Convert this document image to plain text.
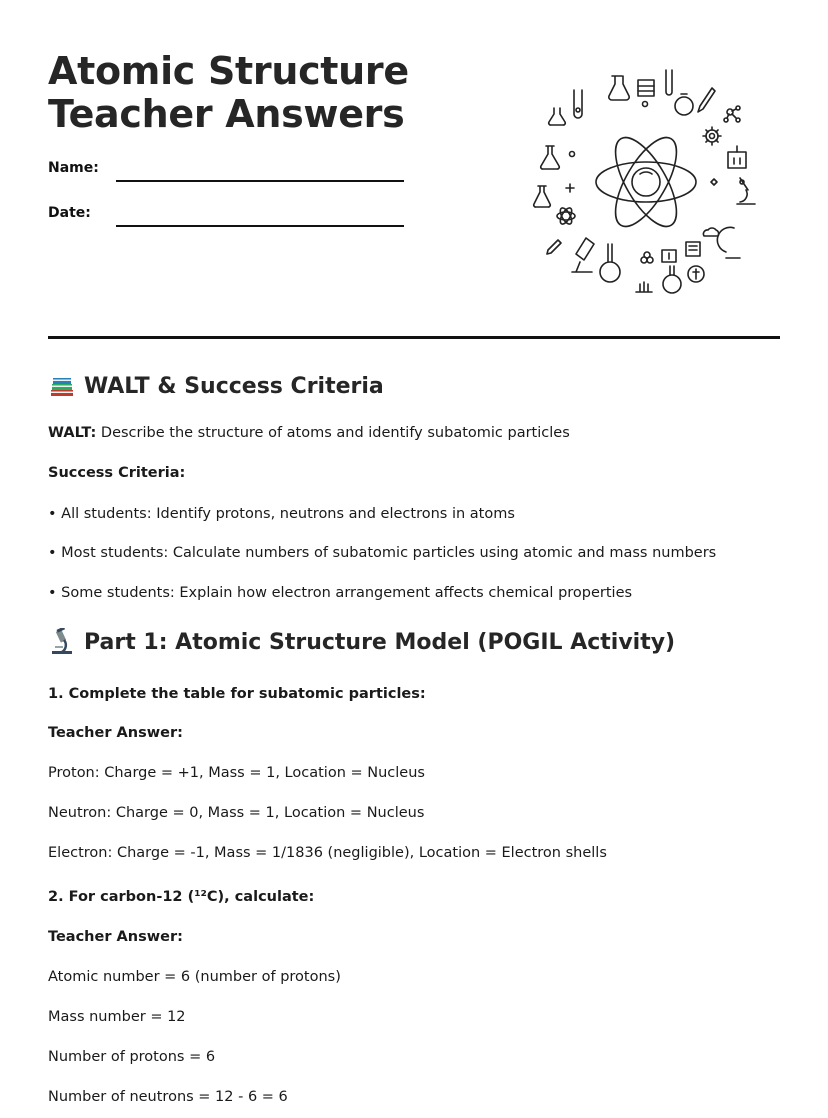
Atomic Structure
Teacher Answers
Name:
Date:
WALT & Success Criteria
WALT: Describe the structure of atoms and identify subatomic particles
Success Criteria:
• All students: Identify protons, neutrons and electrons in atoms
• Most students: Calculate numbers of subatomic particles using atomic and mass numbers
• Some students: Explain how electron arrangement affects chemical properties
Part 1: Atomic Structure Model (POGIL Activity)
1. Complete the table for subatomic particles:
Teacher Answer:
Proton: Charge = +1, Mass = 1, Location = Nucleus
Neutron: Charge = 0, Mass = 1, Location = Nucleus
Electron: Charge = -1, Mass = 1/1836 (negligible), Location = Electron shells
2. For carbon-12 (¹²C), calculate:
Teacher Answer:
Atomic number = 6 (number of protons)
Mass number = 12
Number of protons = 6
Number of neutrons = 12 - 6 = 6
